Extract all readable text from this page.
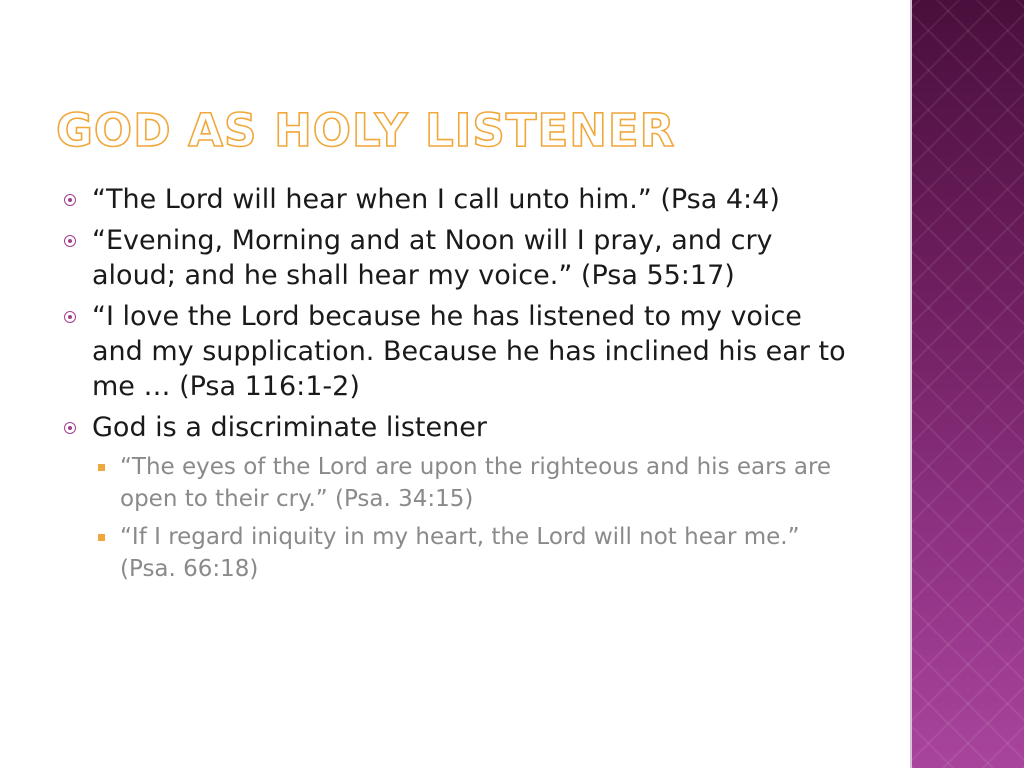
GOD AS HOLY LISTENER
“The Lord will hear when I call unto him.” (Psa 4:4)
“Evening, Morning and at Noon will I pray, and cry aloud; and he shall hear my voice.” (Psa 55:17)
“I love the Lord because he has listened to my voice and my supplication. Because he has inclined his ear to me … (Psa 116:1-2)
God is a discriminate listener
“The eyes of the Lord are upon the righteous and his ears are open to their cry.” (Psa. 34:15)
“If I regard iniquity in my heart, the Lord will not hear me.” (Psa. 66:18)
